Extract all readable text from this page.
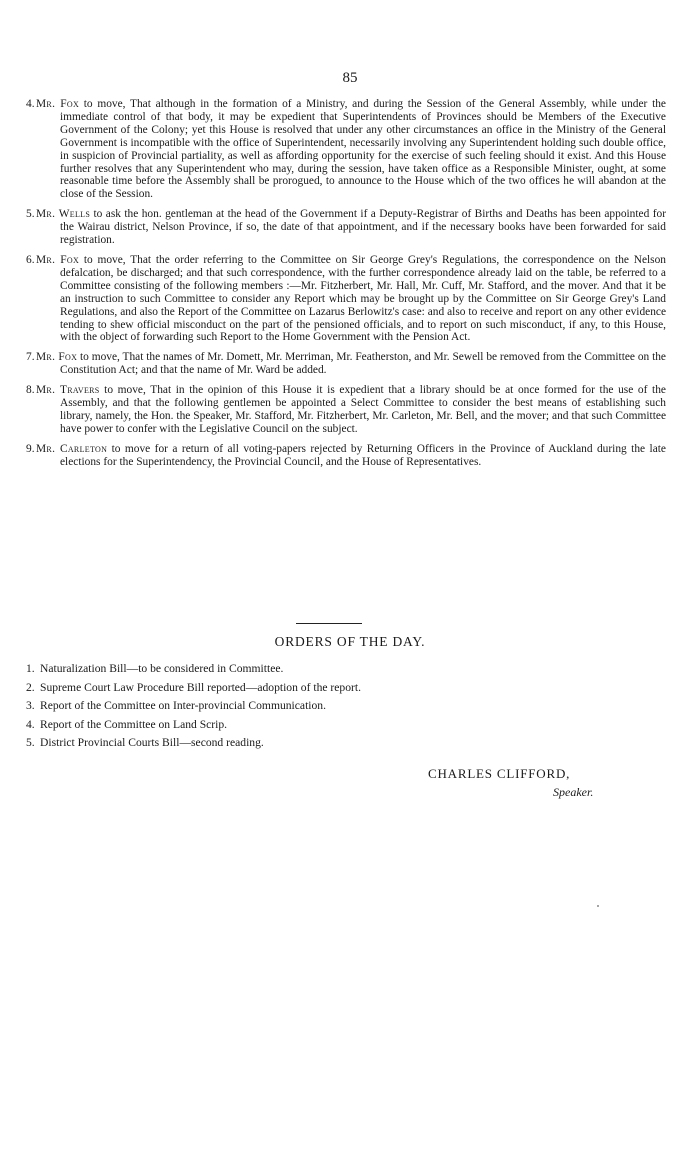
85
4. Mr. Fox to move, That although in the formation of a Ministry, and during the Session of the General Assembly, while under the immediate control of that body, it may be expedient that Superintendents of Provinces should be Members of the Executive Government of the Colony; yet this House is resolved that under any other circumstances an office in the Ministry of the General Government is incompatible with the office of Superintendent, necessarily involving any Superintendent holding such double office, in suspicion of Provincial partiality, as well as affording opportunity for the exercise of such feeling should it exist. And this House further resolves that any Superintendent who may, during the session, have taken office as a Responsible Minister, ought, at some reasonable time before the Assembly shall be prorogued, to announce to the House which of the two offices he will abandon at the close of the Session.
5. Mr. Wells to ask the hon. gentleman at the head of the Government if a Deputy-Registrar of Births and Deaths has been appointed for the Wairau district, Nelson Province, if so, the date of that appointment, and if the necessary books have been forwarded for said registration.
6. Mr. Fox to move, That the order referring to the Committee on Sir George Grey's Regulations, the correspondence on the Nelson defalcation, be discharged; and that such correspondence, with the further correspondence already laid on the table, be referred to a Committee consisting of the following members :—Mr. Fitzherbert, Mr. Hall, Mr. Cuff, Mr. Stafford, and the mover. And that it be an instruction to such Committee to consider any Report which may be brought up by the Committee on Sir George Grey's Land Regulations, and also the Report of the Committee on Lazarus Berlowitz's case: and also to receive and report on any other evidence tending to shew official misconduct on the part of the pensioned officials, and to report on such misconduct, if any, to this House, with the object of forwarding such Report to the Home Government with the Pension Act.
7. Mr. Fox to move, That the names of Mr. Domett, Mr. Merriman, Mr. Featherston, and Mr. Sewell be removed from the Committee on the Constitution Act; and that the name of Mr. Ward be added.
8. Mr. Travers to move, That in the opinion of this House it is expedient that a library should be at once formed for the use of the Assembly, and that the following gentlemen be appointed a Select Committee to consider the best means of establishing such library, namely, the Hon. the Speaker, Mr. Stafford, Mr. Fitzherbert, Mr. Carleton, Mr. Bell, and the mover; and that such Committee have power to confer with the Legislative Council on the subject.
9. Mr. Carleton to move for a return of all voting-papers rejected by Returning Officers in the Province of Auckland during the late elections for the Superintendency, the Provincial Council, and the House of Representatives.
ORDERS OF THE DAY.
1. Naturalization Bill—to be considered in Committee.
2. Supreme Court Law Procedure Bill reported—adoption of the report.
3. Report of the Committee on Inter-provincial Communication.
4. Report of the Committee on Land Scrip.
5. District Provincial Courts Bill—second reading.
CHARLES CLIFFORD,
Speaker.
